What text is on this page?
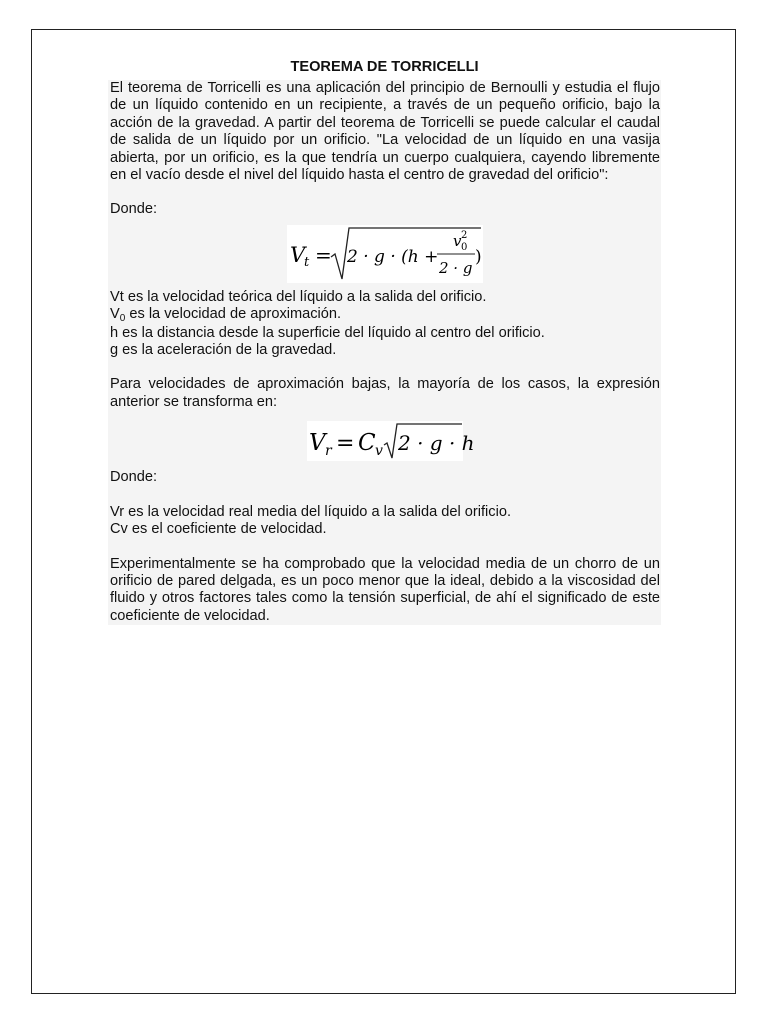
TEOREMA DE TORRICELLI

El teorema de Torricelli es una aplicación del principio de Bernoulli y estudia el flujo de un líquido contenido en un recipiente, a través de un pequeño orificio, bajo la acción de la gravedad. A partir del teorema de Torricelli se puede calcular el caudal de salida de un líquido por un orificio. "La velocidad de un líquido en una vasija abierta, por un orificio, es la que tendría un cuerpo cualquiera, cayendo libremente en el vacío desde el nivel del líquido hasta el centro de gravedad del orificio":

Donde:

V
t = 2 · g · (h +
v 2
0
2 · g
)

Vt es la velocidad teórica del líquido a la salida del orificio.

$V_0$ es la velocidad de aproximación.

h es la distancia desde la superficie del líquido al centro del orificio.

g es la aceleración de la gravedad.

Para velocidades de aproximación bajas, la mayoría de los casos, la expresión anterior se transforma en:

V r = C v 2 · g · h

Donde:

Vr es la velocidad real media del líquido a la salida del orificio.

Cv es el coeficiente de velocidad.

Experimentalmente se ha comprobado que la velocidad media de un chorro de un orificio de pared delgada, es un poco menor que la ideal, debido a la viscosidad del fluido y otros factores tales como la tensión superficial, de ahí el significado de este coeficiente de velocidad.
